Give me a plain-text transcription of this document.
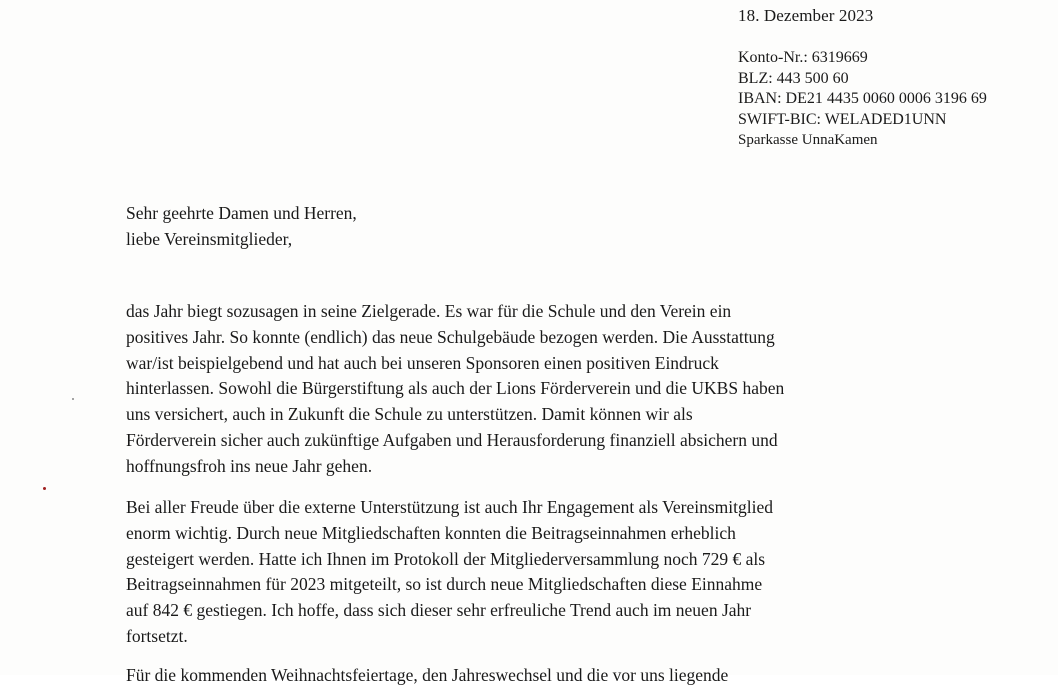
18. Dezember 2023
Konto-Nr.: 6319669
BLZ: 443 500 60
IBAN: DE21 4435 0060 0006 3196 69
SWIFT-BIC: WELADED1UNN
Sparkasse UnnaKamen
Sehr geehrte Damen und Herren,
liebe Vereinsmitglieder,
das Jahr biegt sozusagen in seine Zielgerade. Es war für die Schule und den Verein ein
positives Jahr. So konnte (endlich) das neue Schulgebäude bezogen werden. Die Ausstattung
war/ist beispielgebend und hat auch bei unseren Sponsoren einen positiven Eindruck
hinterlassen. Sowohl die Bürgerstiftung als auch der Lions Förderverein und die UKBS haben
uns versichert, auch in Zukunft die Schule zu unterstützen. Damit können wir als
Förderverein sicher auch zukünftige Aufgaben und Herausforderung finanziell absichern und
hoffnungsfroh ins neue Jahr gehen.
Bei aller Freude über die externe Unterstützung ist auch Ihr Engagement als Vereinsmitglied
enorm wichtig. Durch neue Mitgliedschaften konnten die Beitragseinnahmen erheblich
gesteigert werden. Hatte ich Ihnen im Protokoll der Mitgliederversammlung noch 729 € als
Beitragseinnahmen für 2023 mitgeteilt, so ist durch neue Mitgliedschaften diese Einnahme
auf 842 € gestiegen. Ich hoffe, dass sich dieser sehr erfreuliche Trend auch im neuen Jahr
fortsetzt.
Für die kommenden Weihnachtsfeiertage, den Jahreswechsel und die vor uns liegende
